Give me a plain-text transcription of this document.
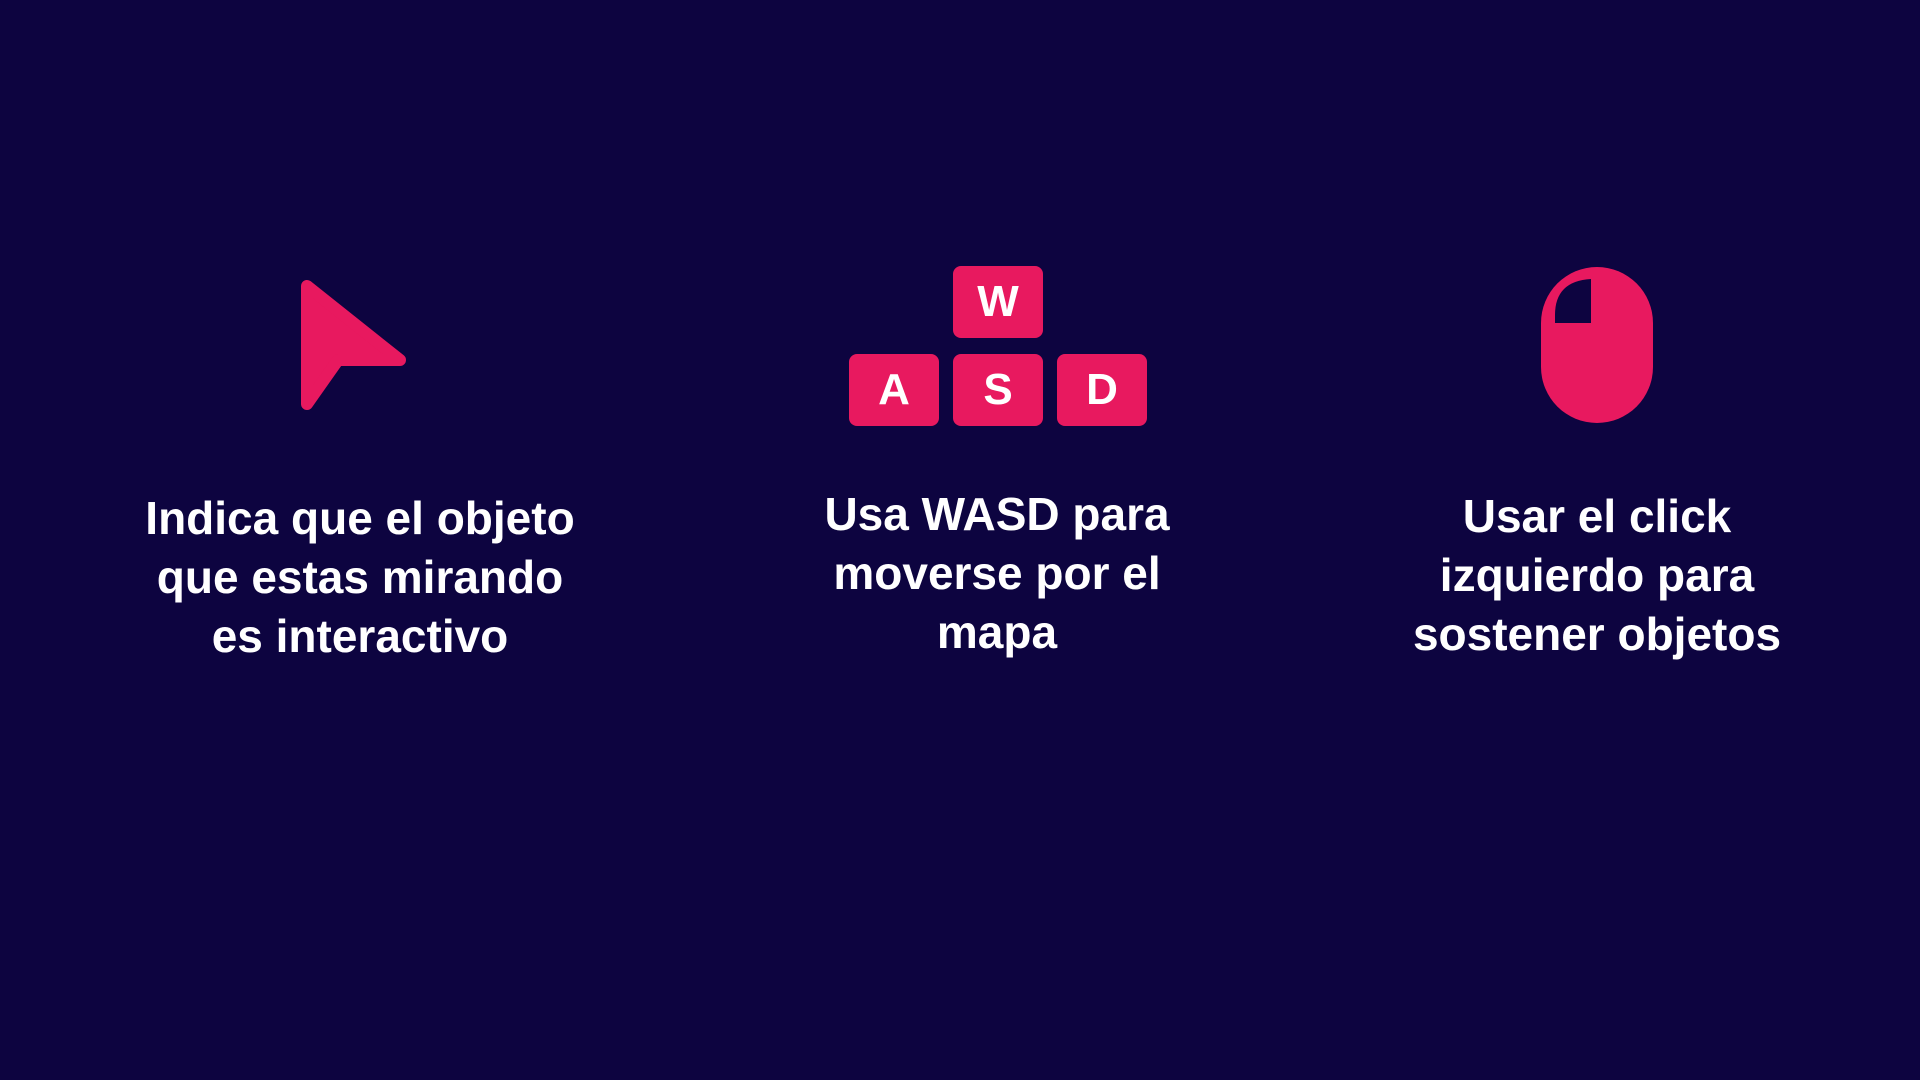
Indica que el objeto
que estas mirando
es interactivo

W
A	S	D

Usa WASD para
moverse por el
mapa

Usar el click
izquierdo para
sostener objetos
